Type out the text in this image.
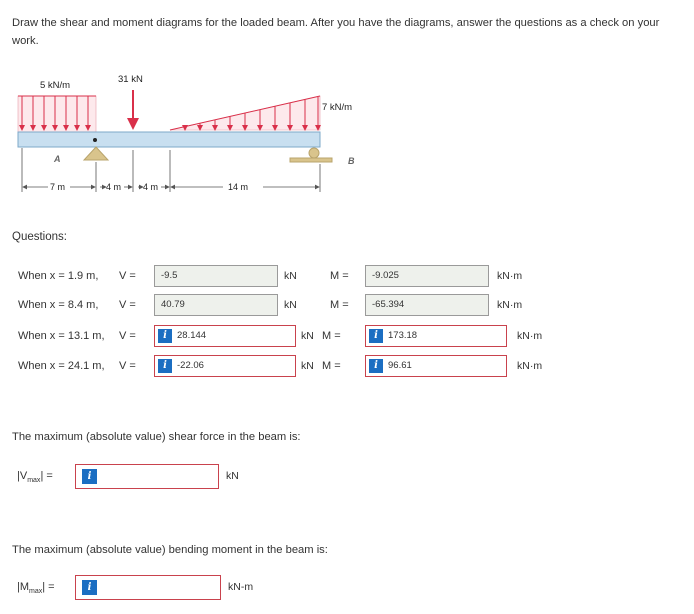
Draw the shear and moment diagrams for the loaded beam. After you have the diagrams, answer the questions as a check on your work.
5 kN/m
31 kN
7 kN/m
A	B
7 m	4 m 4 m	14 m
Questions:
When x = 1.9 m, V =	-9.5	kN	M =	-9.025	kN·m
When x = 8.4 m, V =	40.79	kN	M =	-65.394	kN·m
When x = 13.1 m, V =	i	28.144	kN M =	i	173.18	kN·m
When x = 24.1 m, V =	i	-22.06	kN M =	i	96.61	kN·m
The maximum (absolute value) shear force in the beam is:
$|V_{max}|$ =	i	kN
The maximum (absolute value) bending moment in the beam is:
$|M_{max}|$ =	i	kN-m
